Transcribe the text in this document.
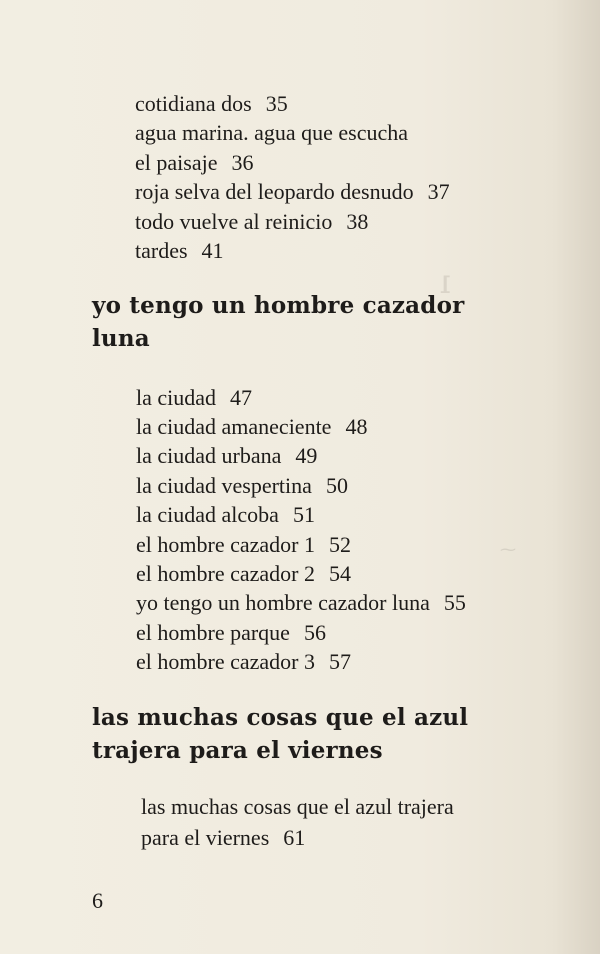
ı
⁓
cotidiana dos 35
agua marina. agua que escucha
el paisaje 36
roja selva del leopardo desnudo 37
todo vuelve al reinicio 38
tardes 41
yo tengo un hombre cazador luna
la ciudad 47
la ciudad amaneciente 48
la ciudad urbana 49
la ciudad vespertina 50
la ciudad alcoba 51
el hombre cazador 1 52
el hombre cazador 2 54
yo tengo un hombre cazador luna 55
el hombre parque 56
el hombre cazador 3 57
las muchas cosas que el azul trajera para el viernes
las muchas cosas que el azul trajera
para el viernes 61
6
